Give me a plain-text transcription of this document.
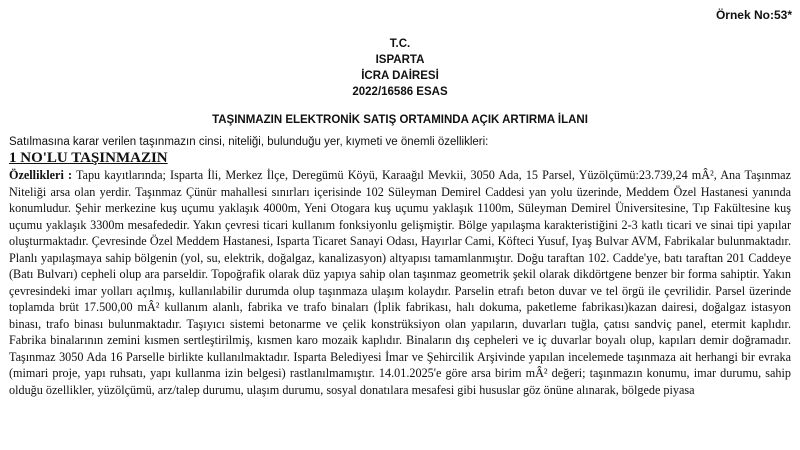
Örnek No:53*
T.C.
ISPARTA
İCRA DAİRESİ
2022/16586 ESAS
TAŞINMAZIN ELEKTRONİK SATIŞ ORTAMINDA AÇIK ARTIRMA İLANI
Satılmasına karar verilen taşınmazın cinsi, niteliği, bulunduğu yer, kıymeti ve önemli özellikleri:
1 NO'LU TAŞINMAZIN
Özellikleri : Tapu kayıtlarında; Isparta İli, Merkez İlçe, Deregümü Köyü, Karaağıl Mevkii, 3050 Ada, 15 Parsel, Yüzölçümü:23.739,24 mÂ², Ana Taşınmaz Niteliği arsa olan yerdir. Taşınmaz Çünür mahallesi sınırları içerisinde 102 Süleyman Demirel Caddesi yan yolu üzerinde, Meddem Özel Hastanesi yanında konumludur. Şehir merkezine kuş uçumu yaklaşık 4000m, Yeni Otogara kuş uçumu yaklaşık 1100m, Süleyman Demirel Üniversitesine, Tıp Fakültesine kuş uçumu yaklaşık 3300m mesafededir. Yakın çevresi ticari kullanım fonksiyonlu gelişmiştir. Bölge yapılaşma karakteristiğini 2-3 katlı ticari ve sinai tipi yapılar oluşturmaktadır. Çevresinde Özel Meddem Hastanesi, Isparta Ticaret Sanayi Odası, Hayırlar Cami, Köfteci Yusuf, Iyaş Bulvar AVM, Fabrikalar bulunmaktadır. Planlı yapılaşmaya sahip bölgenin (yol, su, elektrik, doğalgaz, kanalizasyon) altyapısı tamamlanmıştır. Doğu taraftan 102. Cadde'ye, batı taraftan 201 Caddeye (Batı Bulvarı) cepheli olup ara parseldir. Topoğrafik olarak düz yapıya sahip olan taşınmaz geometrik şekil olarak dikdörtgene benzer bir forma sahiptir. Yakın çevresindeki imar yolları açılmış, kullanılabilir durumda olup taşınmaza ulaşım kolaydır. Parselin etrafı beton duvar ve tel örgü ile çevrilidir. Parsel üzerinde toplamda brüt 17.500,00 mÂ² kullanım alanlı, fabrika ve trafo binaları (İplik fabrikası, halı dokuma, paketleme fabrikası)kazan dairesi, doğalgaz istasyon binası, trafo binası bulunmaktadır. Taşıyıcı sistemi betonarme ve çelik konstrüksiyon olan yapıların, duvarları tuğla, çatısı sandviç panel, etermit kaplıdır. Fabrika binalarının zemini kısmen sertleştirilmiş, kısmen karo mozaik kaplıdır. Binaların dış cepheleri ve iç duvarlar boyalı olup, kapıları demir doğramadır. Taşınmaz 3050 Ada 16 Parselle birlikte kullanılmaktadır. Isparta Belediyesi İmar ve Şehircilik Arşivinde yapılan incelemede taşınmaza ait herhangi bir evraka (mimari proje, yapı ruhsatı, yapı kullanma izin belgesi) rastlanılmamıştır. 14.01.2025'e göre arsa birim mÂ² değeri; taşınmazın konumu, imar durumu, sahip olduğu özellikler, yüzölçümü, arz/talep durumu, ulaşım durumu, sosyal donatılara mesafesi gibi hususlar göz önüne alınarak, bölgede piyasa
